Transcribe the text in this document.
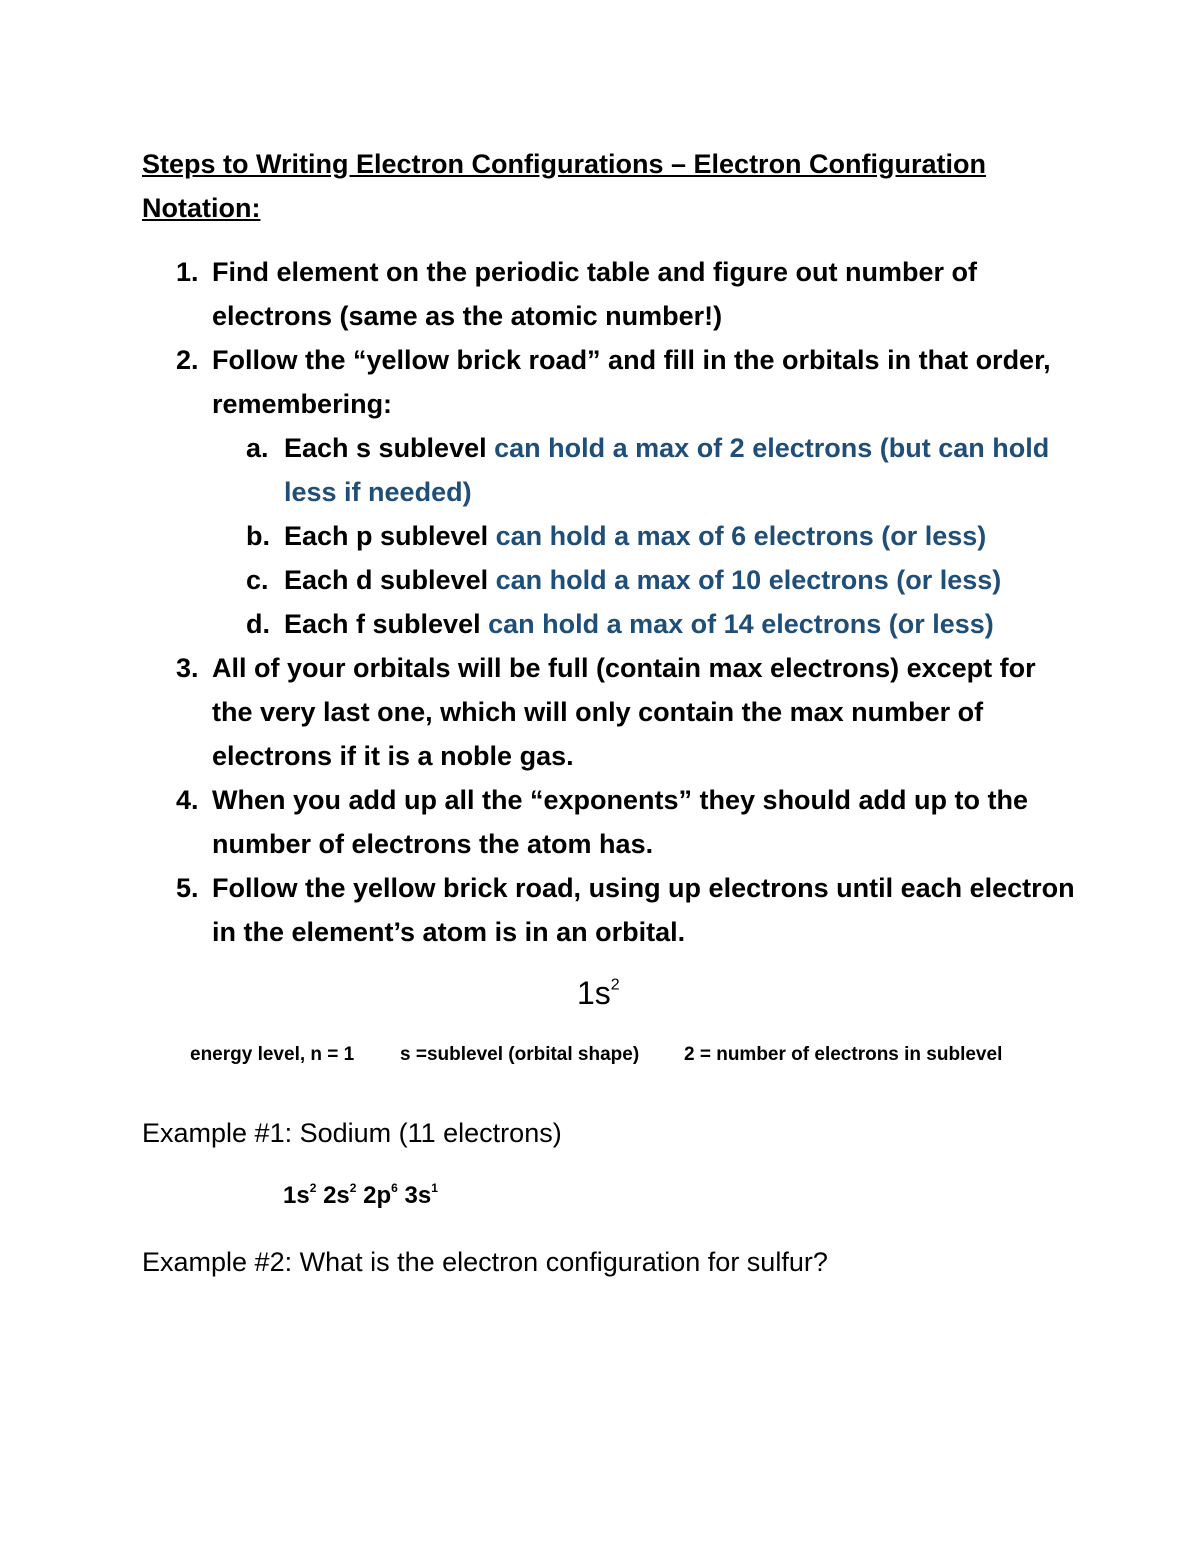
Steps to Writing Electron Configurations – Electron Configuration Notation:
1. Find element on the periodic table and figure out number of electrons (same as the atomic number!)
2. Follow the “yellow brick road” and fill in the orbitals in that order, remembering:
a. Each s sublevel can hold a max of 2 electrons (but can hold less if needed)
b. Each p sublevel can hold a max of 6 electrons (or less)
c. Each d sublevel can hold a max of 10 electrons (or less)
d. Each f sublevel can hold a max of 14 electrons (or less)
3. All of your orbitals will be full (contain max electrons) except for the very last one, which will only contain the max number of electrons if it is a noble gas.
4. When you add up all the “exponents” they should add up to the number of electrons the atom has.
5. Follow the yellow brick road, using up electrons until each electron in the element’s atom is in an orbital.
$1s^2$
energy level, n = 1 s =sublevel (orbital shape) 2 = number of electrons in sublevel
Example #1: Sodium (11 electrons)
$1s^2$ $2s^2$ $2p^6$ $3s^1$
Example #2: What is the electron configuration for sulfur?
